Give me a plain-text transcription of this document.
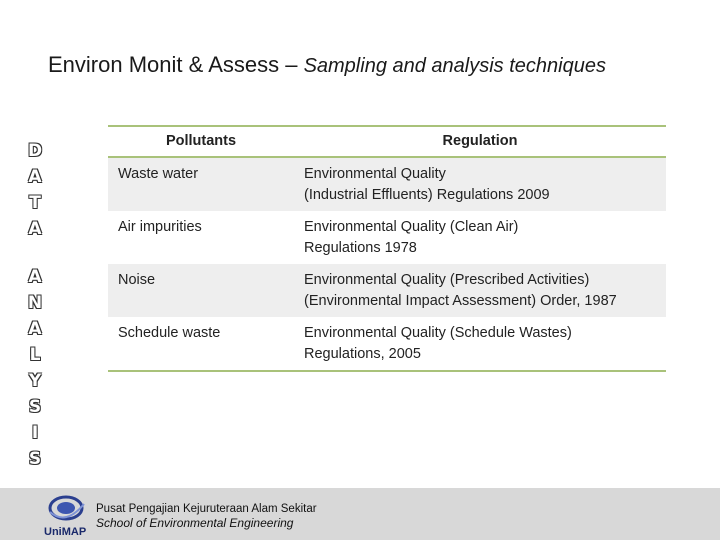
Environ Monit & Assess – Sampling and analysis techniques
D
A
T
A
A
N
A
L
Y
S
I
S
Pollutants	Regulation
Waste water	Environmental Quality
(Industrial Effluents) Regulations 2009
Air impurities	Environmental Quality (Clean Air)
Regulations 1978
Noise	Environmental Quality (Prescribed Activities)
(Environmental Impact Assessment) Order, 1987
Schedule waste	Environmental Quality (Schedule Wastes)
Regulations, 2005
UniMAP
Pusat Pengajian Kejuruteraan Alam Sekitar
School of Environmental Engineering
